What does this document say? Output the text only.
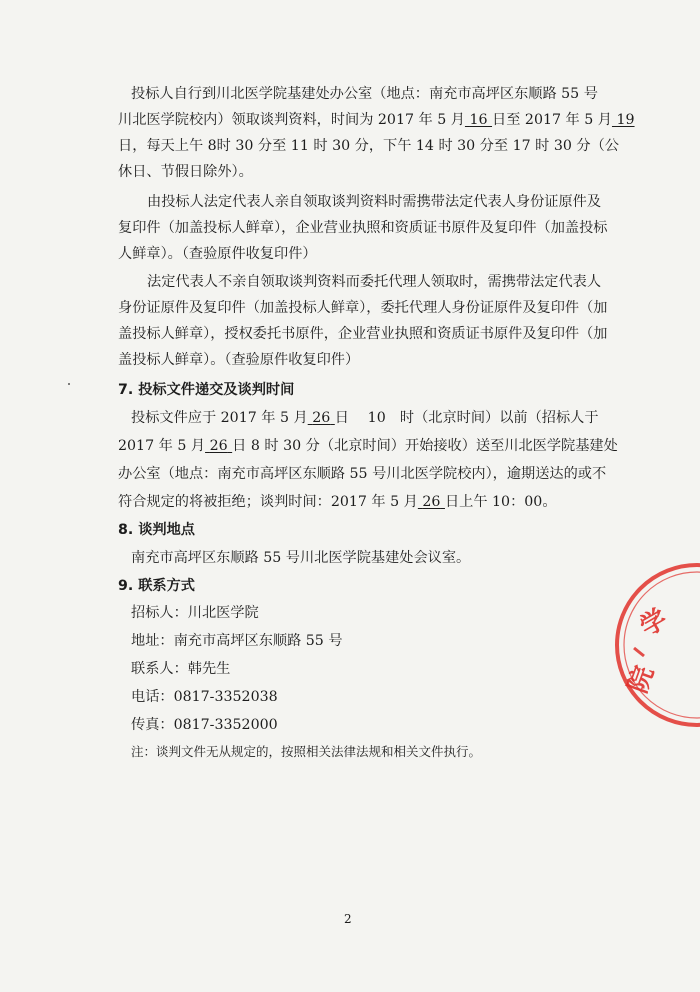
投标人自行到川北医学院基建处办公室（地点：南充市高坪区东顺路 55 号
川北医学院校内）领取谈判资料，时间为 2017 年 5 月 16 日至 2017 年 5 月 19
日，每天上午 8时 30 分至 11 时 30 分，下午 14 时 30 分至 17 时 30 分（公
休日、节假日除外）。
由投标人法定代表人亲自领取谈判资料时需携带法定代表人身份证原件及
复印件（加盖投标人鲜章），企业营业执照和资质证书原件及复印件（加盖投标
人鲜章）。（查验原件收复印件）
法定代表人不亲自领取谈判资料而委托代理人领取时，需携带法定代表人
身份证原件及复印件（加盖投标人鲜章），委托代理人身份证原件及复印件（加
盖投标人鲜章），授权委托书原件，企业营业执照和资质证书原件及复印件（加
盖投标人鲜章）。（查验原件收复印件）
7. 投标文件递交及谈判时间
投标文件应于 2017 年 5 月 26 日　 10　时（北京时间）以前（招标人于
2017 年 5 月 26 日 8 时 30 分（北京时间）开始接收）送至川北医学院基建处
办公室（地点：南充市高坪区东顺路 55 号川北医学院校内），逾期送达的或不
符合规定的将被拒绝；谈判时间：2017 年 5 月 26 日上午 10：00。
8. 谈判地点
南充市高坪区东顺路 55 号川北医学院基建处会议室。
9. 联系方式
招标人：川北医学院
地址：南充市高坪区东顺路 55 号
联系人：韩先生
电话：0817-3352038
传真：0817-3352000
注：谈判文件无从规定的，按照相关法律法规和相关文件执行。
2
学
院
